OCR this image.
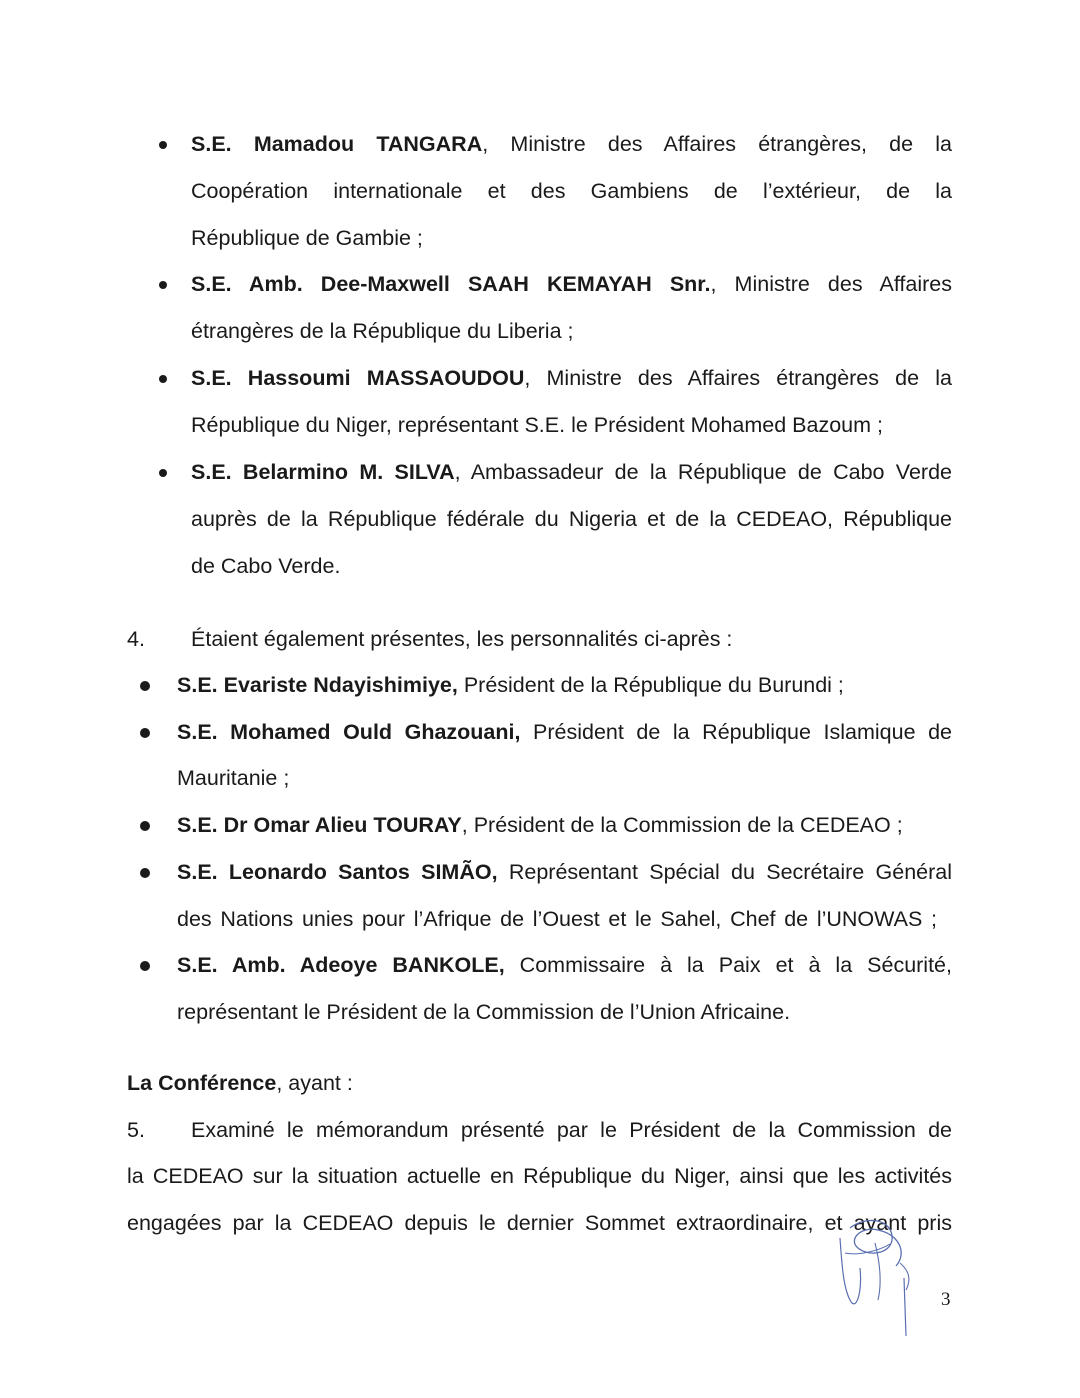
S.E. Mamadou TANGARA, Ministre des Affaires étrangères, de la
Coopération internationale et des Gambiens de l’extérieur, de la
République de Gambie ;
S.E. Amb. Dee-Maxwell SAAH KEMAYAH Snr., Ministre des Affaires
étrangères de la République du Liberia ;
S.E. Hassoumi MASSAOUDOU, Ministre des Affaires étrangères de la
République du Niger, représentant S.E. le Président Mohamed Bazoum ;
S.E. Belarmino M. SILVA, Ambassadeur de la République de Cabo Verde
auprès de la République fédérale du Nigeria et de la CEDEAO, République
de Cabo Verde.
4. Étaient également présentes, les personnalités ci-après :
S.E. Evariste Ndayishimiye, Président de la République du Burundi ;
S.E. Mohamed Ould Ghazouani, Président de la République Islamique de
Mauritanie ;
S.E. Dr Omar Alieu TOURAY, Président de la Commission de la CEDEAO ;
S.E. Leonardo Santos SIMÃO, Représentant Spécial du Secrétaire Général
des Nations unies pour l’Afrique de l’Ouest et le Sahel, Chef de l’UNOWAS ;
S.E. Amb. Adeoye BANKOLE, Commissaire à la Paix et à la Sécurité,
représentant le Président de la Commission de l’Union Africaine.
La Conférence, ayant :
5. Examiné le mémorandum présenté par le Président de la Commission de
la CEDEAO sur la situation actuelle en République du Niger, ainsi que les activités
engagées par la CEDEAO depuis le dernier Sommet extraordinaire, et ayant pris
3
